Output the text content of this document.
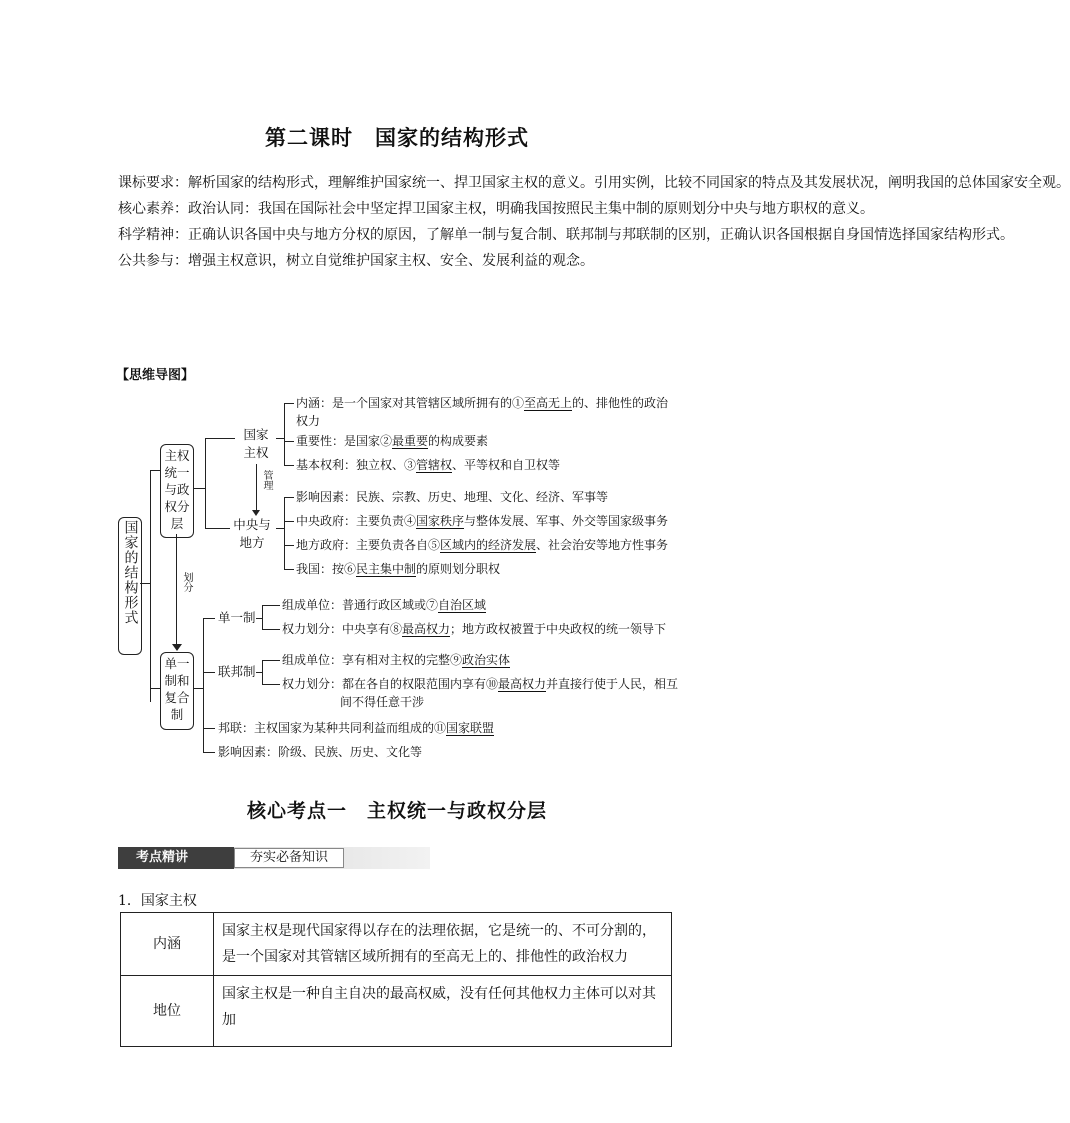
第二课时　国家的结构形式

课标要求：解析国家的结构形式，理解维护国家统一、捍卫国家主权的意义。引用实例，比较不同国家的特点及其发展状况，阐明我国的总体国家安全观。

核心素养：政治认同：我国在国际社会中坚定捍卫国家主权，明确我国按照民主集中制的原则划分中央与地方职权的意义。

科学精神：正确认识各国中央与地方分权的原因，了解单一制与复合制、联邦制与邦联制的区别，正确认识各国根据自身国情选择国家结构形式。

公共参与：增强主权意识，树立自觉维护国家主权、安全、发展利益的观念。

【思维导图】
国家的结构形式
主权统一与政权分层
单一制和复合制
划分
国家主权
中央与地方
管理
内涵：是一个国家对其管辖区域所拥有的①至高无上的、排他性的政治
权力
重要性：是国家②最重要的构成要素
基本权利：独立权、③管辖权、平等权和自卫权等
影响因素：民族、宗教、历史、地理、文化、经济、军事等
中央政府：主要负责④国家秩序与整体发展、军事、外交等国家级事务
地方政府：主要负责各自⑤区域内的经济发展、社会治安等地方性事务
我国：按⑥民主集中制的原则划分职权
单一制
联邦制
组成单位：普通行政区域或⑦自治区域
权力划分：中央享有⑧最高权力；地方政权被置于中央政权的统一领导下
组成单位：享有相对主权的完整⑨政治实体
权力划分：都在各自的权限范围内享有⑩最高权力并直接行使于人民，相互
间不得任意干涉
邦联：主权国家为某种共同利益而组成的⑪国家联盟
影响因素：阶级、民族、历史、文化等
核心考点一　主权统一与政权分层
考点精讲	夯实必备知识
1．国家主权
内涵	国家主权是现代国家得以存在的法理依据，它是统一的、不可分割的，是一个国家对其管辖区域所拥有的至高无上的、排他性的政治权力
地位	国家主权是一种自主自决的最高权威，没有任何其他权力主体可以对其加
